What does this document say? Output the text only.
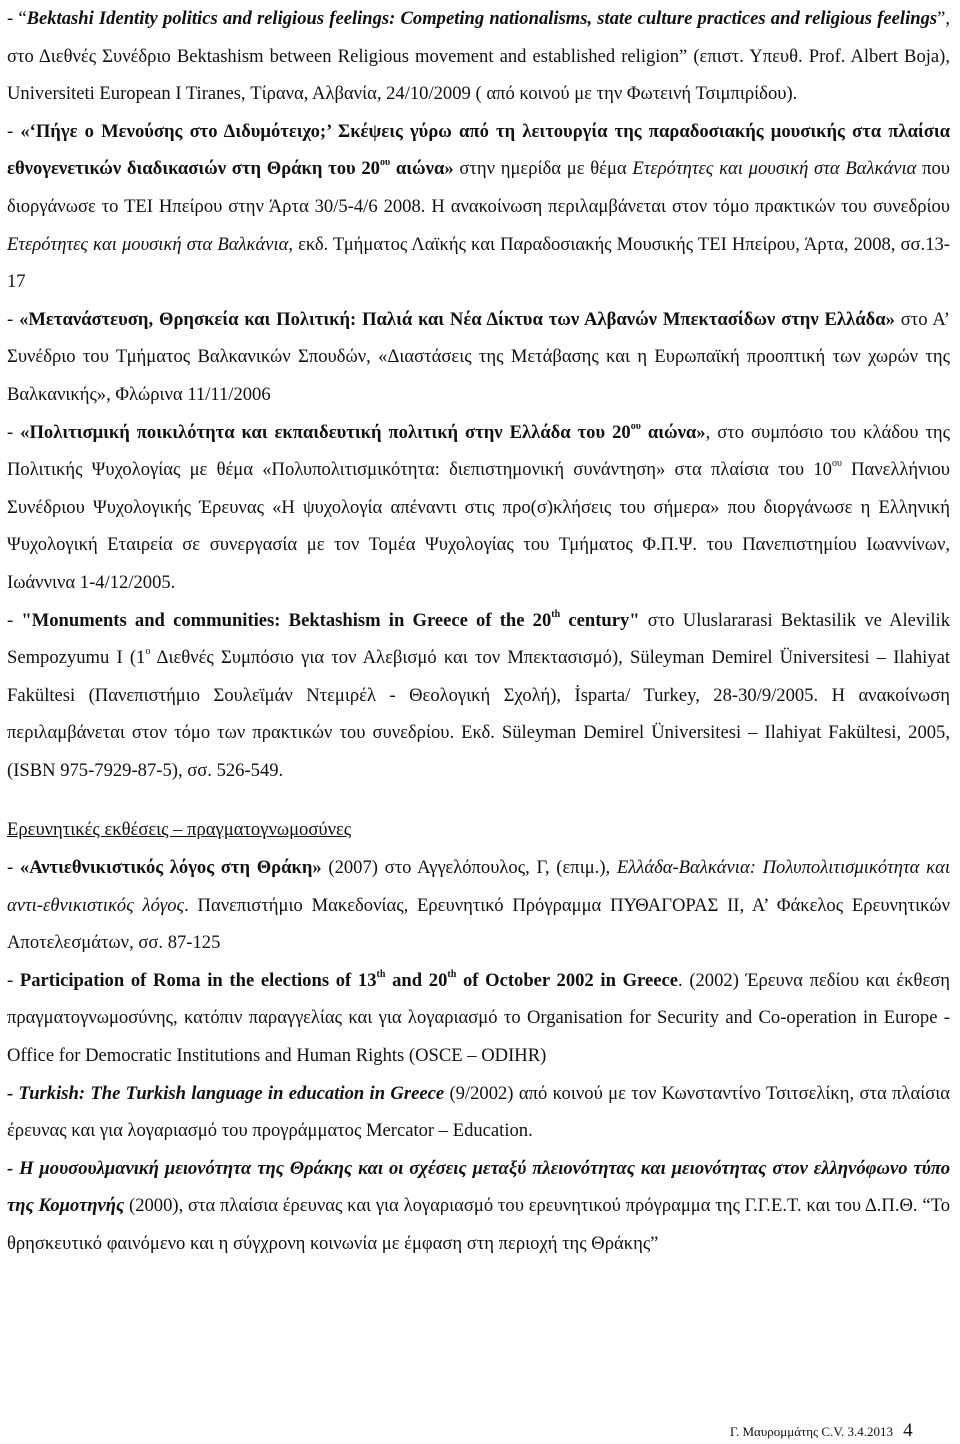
- “Bektashi Identity politics and religious feelings: Competing nationalisms, state culture practices and religious feelings”, στο Διεθνές Συνέδριο Bektashism between Religious movement and established religion” (επιστ. Υπευθ. Prof. Albert Boja), Universiteti European I Tiranes, Τίρανα, Αλβανία, 24/10/2009 ( από κοινού με την Φωτεινή Τσιμπιρίδου).

- «‘Πήγε ο Μενούσης στο Διδυμότειχο;’ Σκέψεις γύρω από τη λειτουργία της παραδοσιακής μουσικής στα πλαίσια εθνογενετικών διαδικασιών στη Θράκη του $20^{o\upsilon}$ αιώνα» στην ημερίδα με θέμα Ετερότητες και μουσική στα Βαλκάνια που διοργάνωσε το ΤΕΙ Ηπείρου στην Άρτα 30/5-4/6 2008. Η ανακοίνωση περιλαμβάνεται στον τόμο πρακτικών του συνεδρίου Ετερότητες και μουσική στα Βαλκάνια, εκδ. Τμήματος Λαϊκής και Παραδοσιακής Μουσικής ΤΕΙ Ηπείρου, Άρτα, 2008, σσ.13-17

- «Μετανάστευση, Θρησκεία και Πολιτική: Παλιά και Νέα Δίκτυα των Αλβανών Μπεκτασίδων στην Ελλάδα» στο Α’ Συνέδριο του Τμήματος Βαλκανικών Σπουδών, «Διαστάσεις της Μετάβασης και η Ευρωπαϊκή προοπτική των χωρών της Βαλκανικής», Φλώρινα 11/11/2006

- «Πολιτισμική ποικιλότητα και εκπαιδευτική πολιτική στην Ελλάδα του $20^{o\upsilon}$ αιώνα», στο συμπόσιο του κλάδου της Πολιτικής Ψυχολογίας με θέμα «Πολυπολιτισμικότητα: διεπιστημονική συνάντηση» στα πλαίσια του $10^{o\upsilon}$ Πανελλήνιου Συνέδριου Ψυχολογικής Έρευνας «Η ψυχολογία απέναντι στις προ(σ)κλήσεις του σήμερα» που διοργάνωσε η Ελληνική Ψυχολογική Εταιρεία σε συνεργασία με τον Τομέα Ψυχολογίας του Τμήματος Φ.Π.Ψ. του Πανεπιστημίου Ιωαννίνων, Ιωάννινα 1-4/12/2005.

- "Monuments and communities: Bektashism in Greece of the 20th century" στο Uluslararasi Bektasilik ve Alevilik Sempozyumu I ($1^o$ Διεθνές Συμπόσιο για τον Αλεβισμό και τον Μπεκτασισμό), Süleyman Demirel Üniversitesi – Ilahiyat Fakültesi (Πανεπιστήμιο Σουλεϊμάν Ντεμιρέλ - Θεολογική Σχολή), İsparta/ Turkey, 28-30/9/2005. Η ανακοίνωση περιλαμβάνεται στον τόμο των πρακτικών του συνεδρίου. Εκδ. Süleyman Demirel Üniversitesi – Ilahiyat Fakültesi, 2005, (ISBN 975-7929-87-5), σσ. 526-549.

Ερευνητικές εκθέσεις – πραγματογνωμοσύνες

- «Αντιεθνικιστικός λόγος στη Θράκη» (2007) στο Αγγελόπουλος, Γ, (επιμ.), Ελλάδα-Βαλκάνια: Πολυπολιτισμικότητα και αντι-εθνικιστικός λόγος. Πανεπιστήμιο Μακεδονίας, Ερευνητικό Πρόγραμμα ΠΥΘΑΓΟΡΑΣ ΙΙ, Α’ Φάκελος Ερευνητικών Αποτελεσμάτων, σσ. 87-125

- Participation of Roma in the elections of 13th and 20th of October 2002 in Greece. (2002) Έρευνα πεδίου και έκθεση πραγματογνωμοσύνης, κατόπιν παραγγελίας και για λογαριασμό το Organisation for Security and Co-operation in Europe - Office for Democratic Institutions and Human Rights (OSCE – ODIHR)

- Turkish: The Turkish language in education in Greece (9/2002) από κοινού με τον Κωνσταντίνο Τσιτσελίκη, στα πλαίσια έρευνας και για λογαριασμό του προγράμματος Mercator – Education.

- Η μουσουλμανική μειονότητα της Θράκης και οι σχέσεις μεταξύ πλειονότητας και μειονότητας στον ελληνόφωνο τύπο της Κομοτηνής (2000), στα πλαίσια έρευνας και για λογαριασμό του ερευνητικού πρόγραμμα της Γ.Γ.Ε.Τ. και του Δ.Π.Θ. “Το θρησκευτικό φαινόμενο και η σύγχρονη κοινωνία με έμφαση στη περιοχή της Θράκης”

Γ. Μαυρομμάτης C.V. 3.4.2013 4
